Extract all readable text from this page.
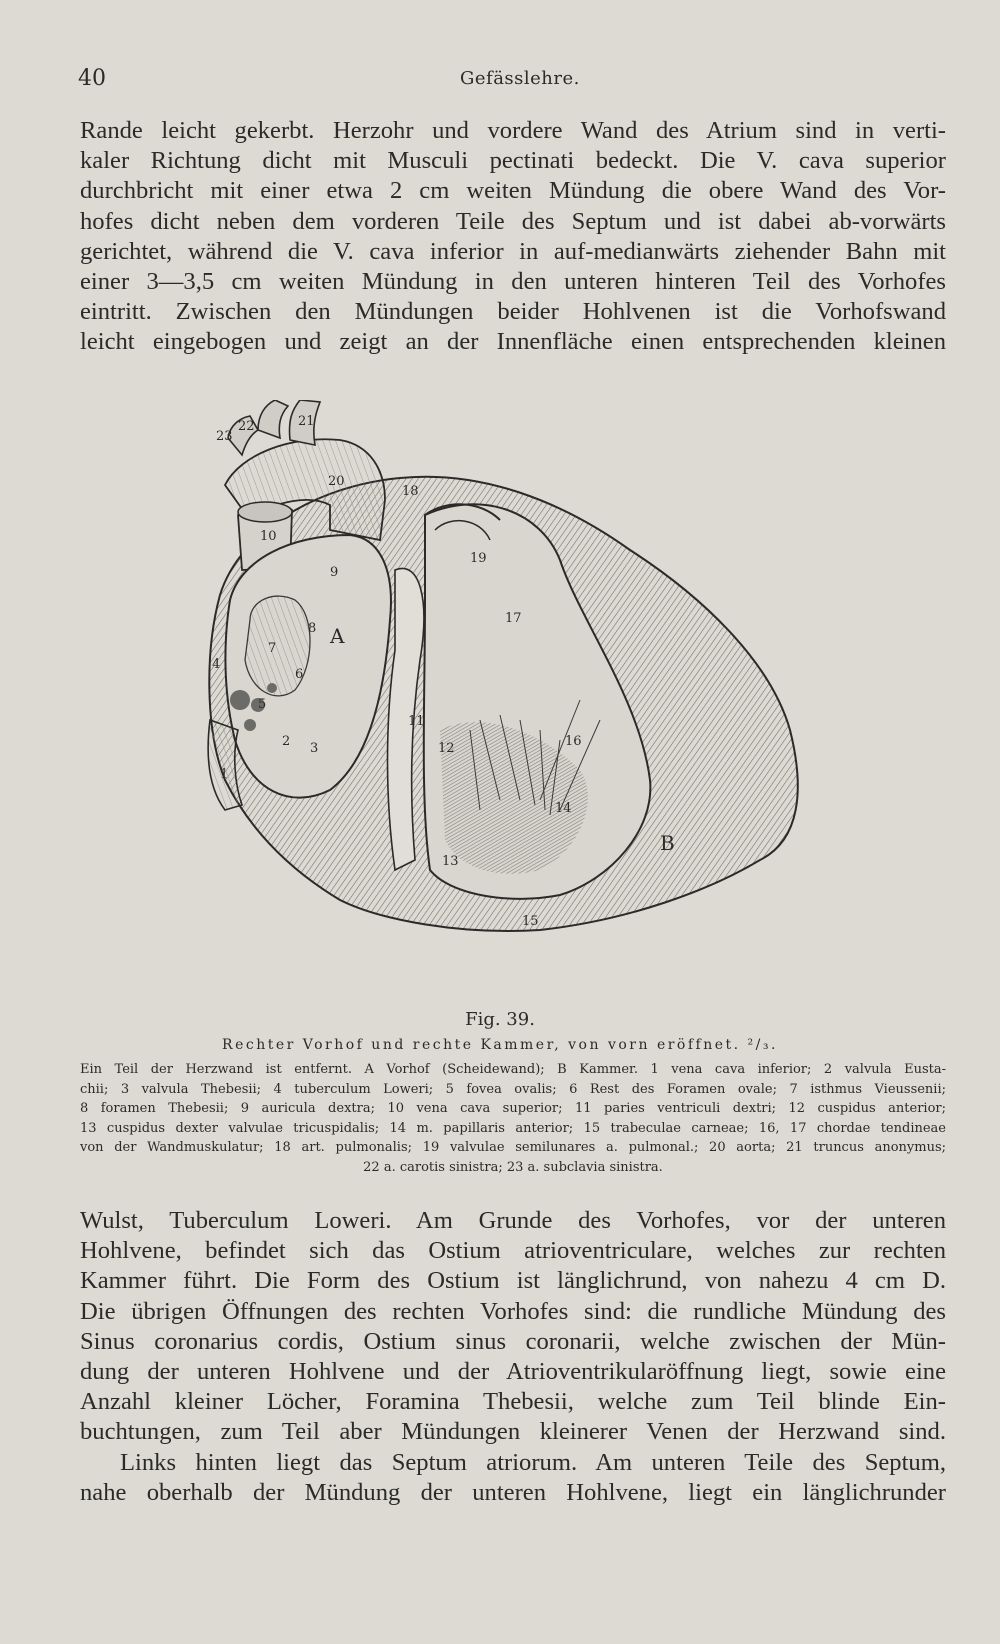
40	Gefässlehre.
Rande leicht gekerbt. Herzohr und vordere Wand des Atrium sind in verti-
kaler Richtung dicht mit Musculi pectinati bedeckt. Die V. cava superior
durchbricht mit einer etwa 2 cm weiten Mündung die obere Wand des Vor-
hofes dicht neben dem vorderen Teile des Septum und ist dabei ab-vorwärts
gerichtet, während die V. cava inferior in auf-medianwärts ziehender Bahn mit
einer 3—3,5 cm weiten Mündung in den unteren hinteren Teil des Vorhofes
eintritt. Zwischen den Mündungen beider Hohlvenen ist die Vorhofswand
leicht eingebogen und zeigt an der Innenfläche einen entsprechenden kleinen
23
22	21
20
18
10
9
19
17
8 A
7
4
6
5
11
16
12
2 3
1
14
B
13
15
Fig. 39.
Rechter Vorhof und rechte Kammer, von vorn eröffnet. ²/₃.
Ein Teil der Herzwand ist entfernt. A Vorhof (Scheidewand); B Kammer. 1 vena cava inferior; 2 valvula Eusta-
chii; 3 valvula Thebesii; 4 tuberculum Loweri; 5 fovea ovalis; 6 Rest des Foramen ovale; 7 isthmus Vieussenii;
8 foramen Thebesii; 9 auricula dextra; 10 vena cava superior; 11 paries ventriculi dextri; 12 cuspidus anterior;
13 cuspidus dexter valvulae tricuspidalis; 14 m. papillaris anterior; 15 trabeculae carneae; 16, 17 chordae tendineae
von der Wandmuskulatur; 18 art. pulmonalis; 19 valvulae semilunares a. pulmonal.; 20 aorta; 21 truncus anonymus;
22 a. carotis sinistra; 23 a. subclavia sinistra.
Wulst, Tuberculum Loweri. Am Grunde des Vorhofes, vor der unteren
Hohlvene, befindet sich das Ostium atrioventriculare, welches zur rechten
Kammer führt. Die Form des Ostium ist länglichrund, von nahezu 4 cm D.
Die übrigen Öffnungen des rechten Vorhofes sind: die rundliche Mündung des
Sinus coronarius cordis, Ostium sinus coronarii, welche zwischen der Mün-
dung der unteren Hohlvene und der Atrioventrikularöffnung liegt, sowie eine
Anzahl kleiner Löcher, Foramina Thebesii, welche zum Teil blinde Ein-
buchtungen, zum Teil aber Mündungen kleinerer Venen der Herzwand sind.
Links hinten liegt das Septum atriorum. Am unteren Teile des Septum,
nahe oberhalb der Mündung der unteren Hohlvene, liegt ein länglichrunder
